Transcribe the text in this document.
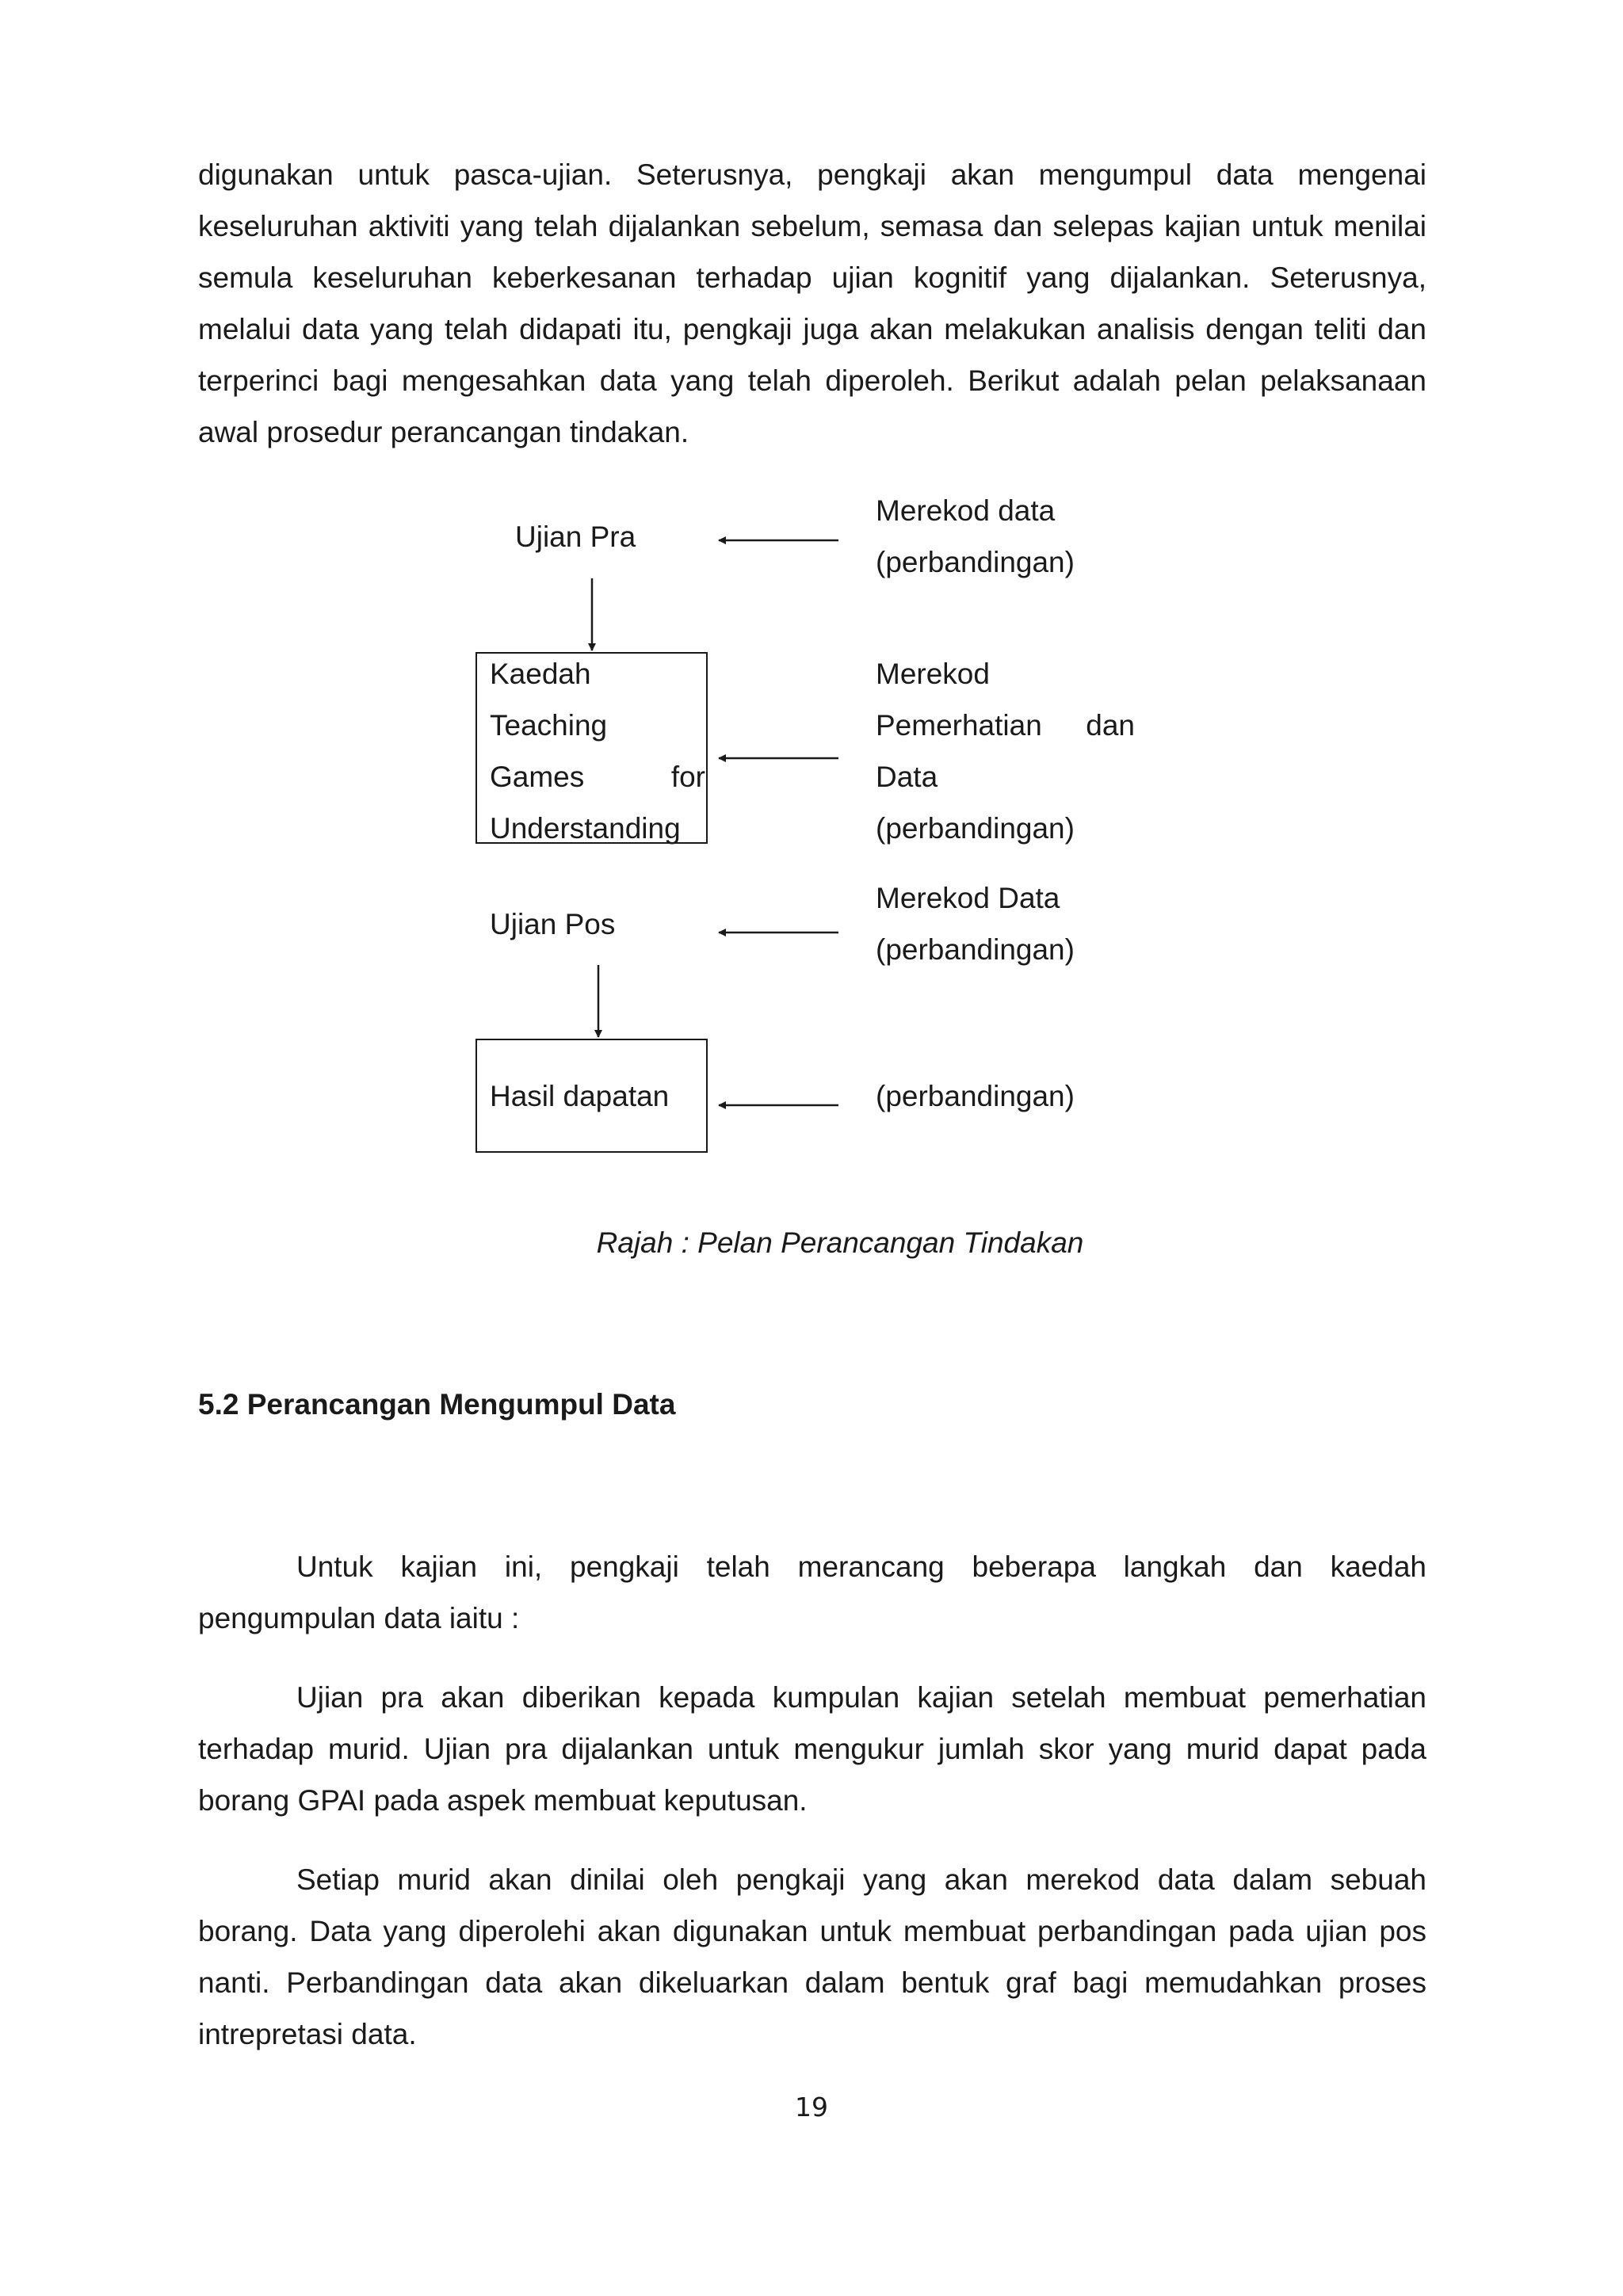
digunakan untuk pasca-ujian. Seterusnya, pengkaji akan mengumpul data mengenai keseluruhan aktiviti yang telah dijalankan sebelum, semasa dan selepas kajian untuk menilai semula keseluruhan keberkesanan terhadap ujian kognitif yang dijalankan. Seterusnya, melalui data yang telah didapati itu, pengkaji juga akan melakukan analisis dengan teliti dan terperinci bagi mengesahkan data yang telah diperoleh. Berikut adalah pelan pelaksanaan awal prosedur perancangan tindakan.

Ujian Pra
Kaedah
Teaching
Games	for
Understanding
Ujian Pos
Hasil dapatan
Merekod data
(perbandingan)
Merekod
Pemerhatian dan
Data
(perbandingan)
Merekod Data
(perbandingan)
(perbandingan)

Rajah : Pelan Perancangan Tindakan

5.2 Perancangan Mengumpul Data

Untuk kajian ini, pengkaji telah merancang beberapa langkah dan kaedah pengumpulan data iaitu :

Ujian pra akan diberikan kepada kumpulan kajian setelah membuat pemerhatian terhadap murid. Ujian pra dijalankan untuk mengukur jumlah skor yang murid dapat pada borang GPAI pada aspek membuat keputusan.

Setiap murid akan dinilai oleh pengkaji yang akan merekod data dalam sebuah borang. Data yang diperolehi akan digunakan untuk membuat perbandingan pada ujian pos nanti. Perbandingan data akan dikeluarkan dalam bentuk graf bagi memudahkan proses intrepretasi data.

19
